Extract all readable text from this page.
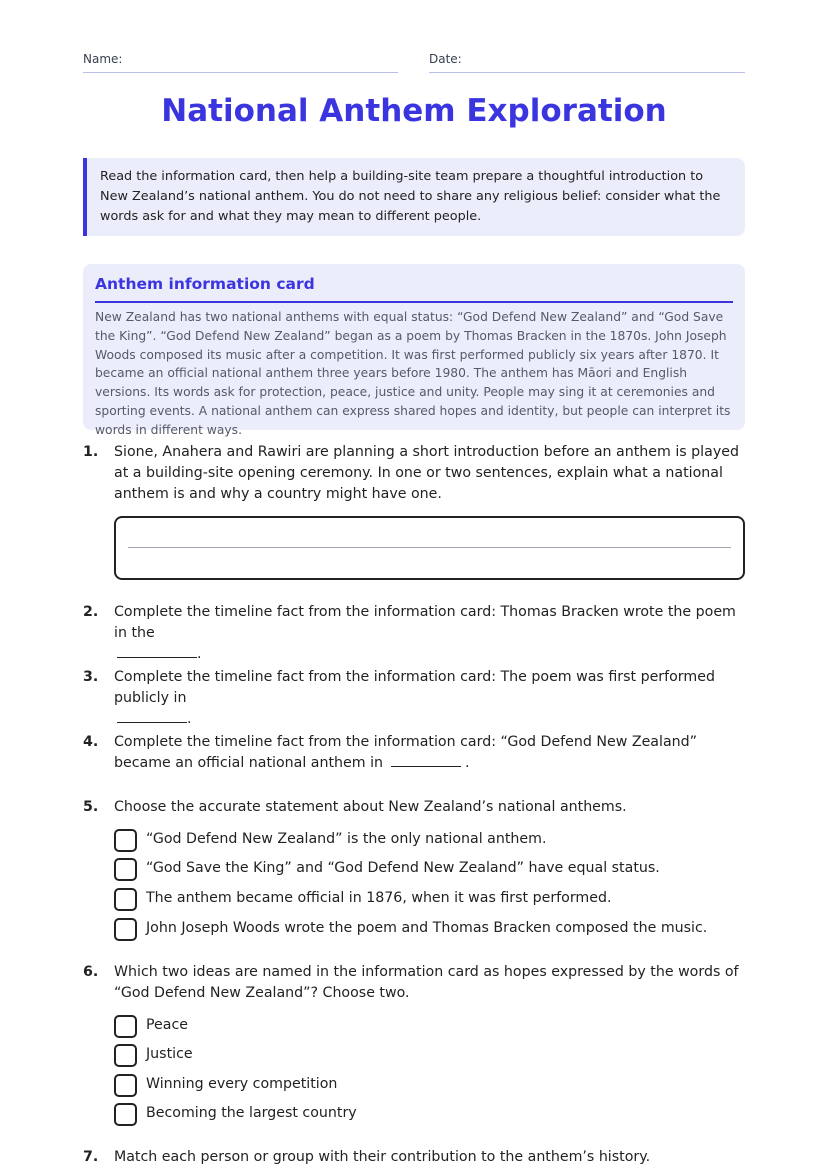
Name:	Date:
National Anthem Exploration
Read the information card, then help a building-site team prepare a thoughtful introduction to New Zealand’s national anthem. You do not need to share any religious belief: consider what the words ask for and what they may mean to different people.
Anthem information card
New Zealand has two national anthems with equal status: “God Defend New Zealand” and “God Save the King”. “God Defend New Zealand” began as a poem by Thomas Bracken in the 1870s. John Joseph Woods composed its music after a competition. It was first performed publicly six years after 1870. It became an official national anthem three years before 1980. The anthem has Māori and English versions. Its words ask for protection, peace, justice and unity. People may sing it at ceremonies and sporting events. A national anthem can express shared hopes and identity, but people can interpret its words in different ways.
1. Sione, Anahera and Rawiri are planning a short introduction before an anthem is played at a building-site opening ceremony. In one or two sentences, explain what a national anthem is and why a country might have one.
2. Complete the timeline fact from the information card: Thomas Bracken wrote the poem in the
.
3. Complete the timeline fact from the information card: The poem was first performed publicly in
.
4. Complete the timeline fact from the information card: “God Defend New Zealand” became an official national anthem in	.
5. Choose the accurate statement about New Zealand’s national anthems.
“God Defend New Zealand” is the only national anthem.
“God Save the King” and “God Defend New Zealand” have equal status.
The anthem became official in 1876, when it was first performed.
John Joseph Woods wrote the poem and Thomas Bracken composed the music.
6. Which two ideas are named in the information card as hopes expressed by the words of “God Defend New Zealand”? Choose two.
Peace
Justice
Winning every competition
Becoming the largest country
7. Match each person or group with their contribution to the anthem’s history.
